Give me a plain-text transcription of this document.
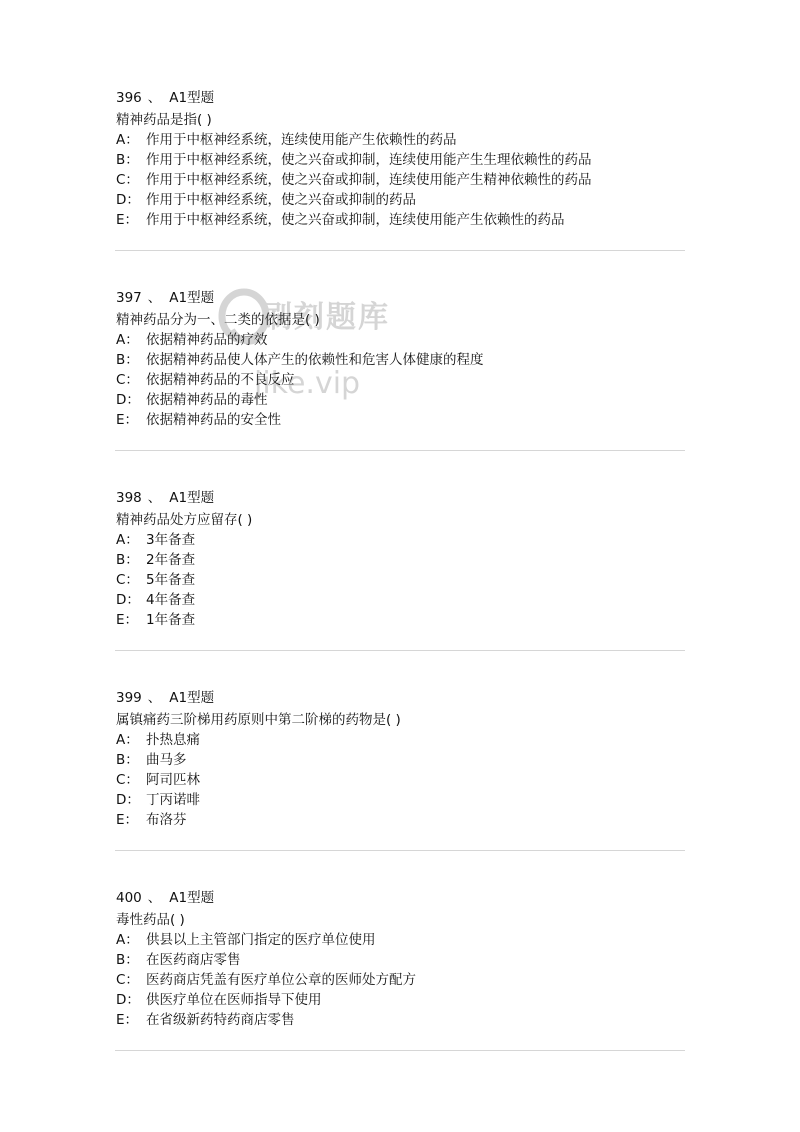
396 、 A1型题
精神药品是指( )
A： 作用于中枢神经系统，连续使用能产生依赖性的药品
B： 作用于中枢神经系统，使之兴奋或抑制，连续使用能产生生理依赖性的药品
C： 作用于中枢神经系统，使之兴奋或抑制，连续使用能产生精神依赖性的药品
D： 作用于中枢神经系统，使之兴奋或抑制的药品
E： 作用于中枢神经系统，使之兴奋或抑制，连续使用能产生依赖性的药品
397 、 A1型题
精神药品分为一、二类的依据是( )
A： 依据精神药品的疗效
B： 依据精神药品使人体产生的依赖性和危害人体健康的程度
C： 依据精神药品的不良反应
D： 依据精神药品的毒性
E： 依据精神药品的安全性
398 、 A1型题
精神药品处方应留存( )
A： 3年备查
B： 2年备查
C： 5年备查
D： 4年备查
E： 1年备查
399 、 A1型题
属镇痛药三阶梯用药原则中第二阶梯的药物是( )
A： 扑热息痛
B： 曲马多
C： 阿司匹林
D： 丁丙诺啡
E： 布洛芬
400 、 A1型题
毒性药品( )
A： 供县以上主管部门指定的医疗单位使用
B： 在医药商店零售
C： 医药商店凭盖有医疗单位公章的医师处方配方
D： 供医疗单位在医师指导下使用
E： 在省级新药特药商店零售
刷刻题库
jike.vip
